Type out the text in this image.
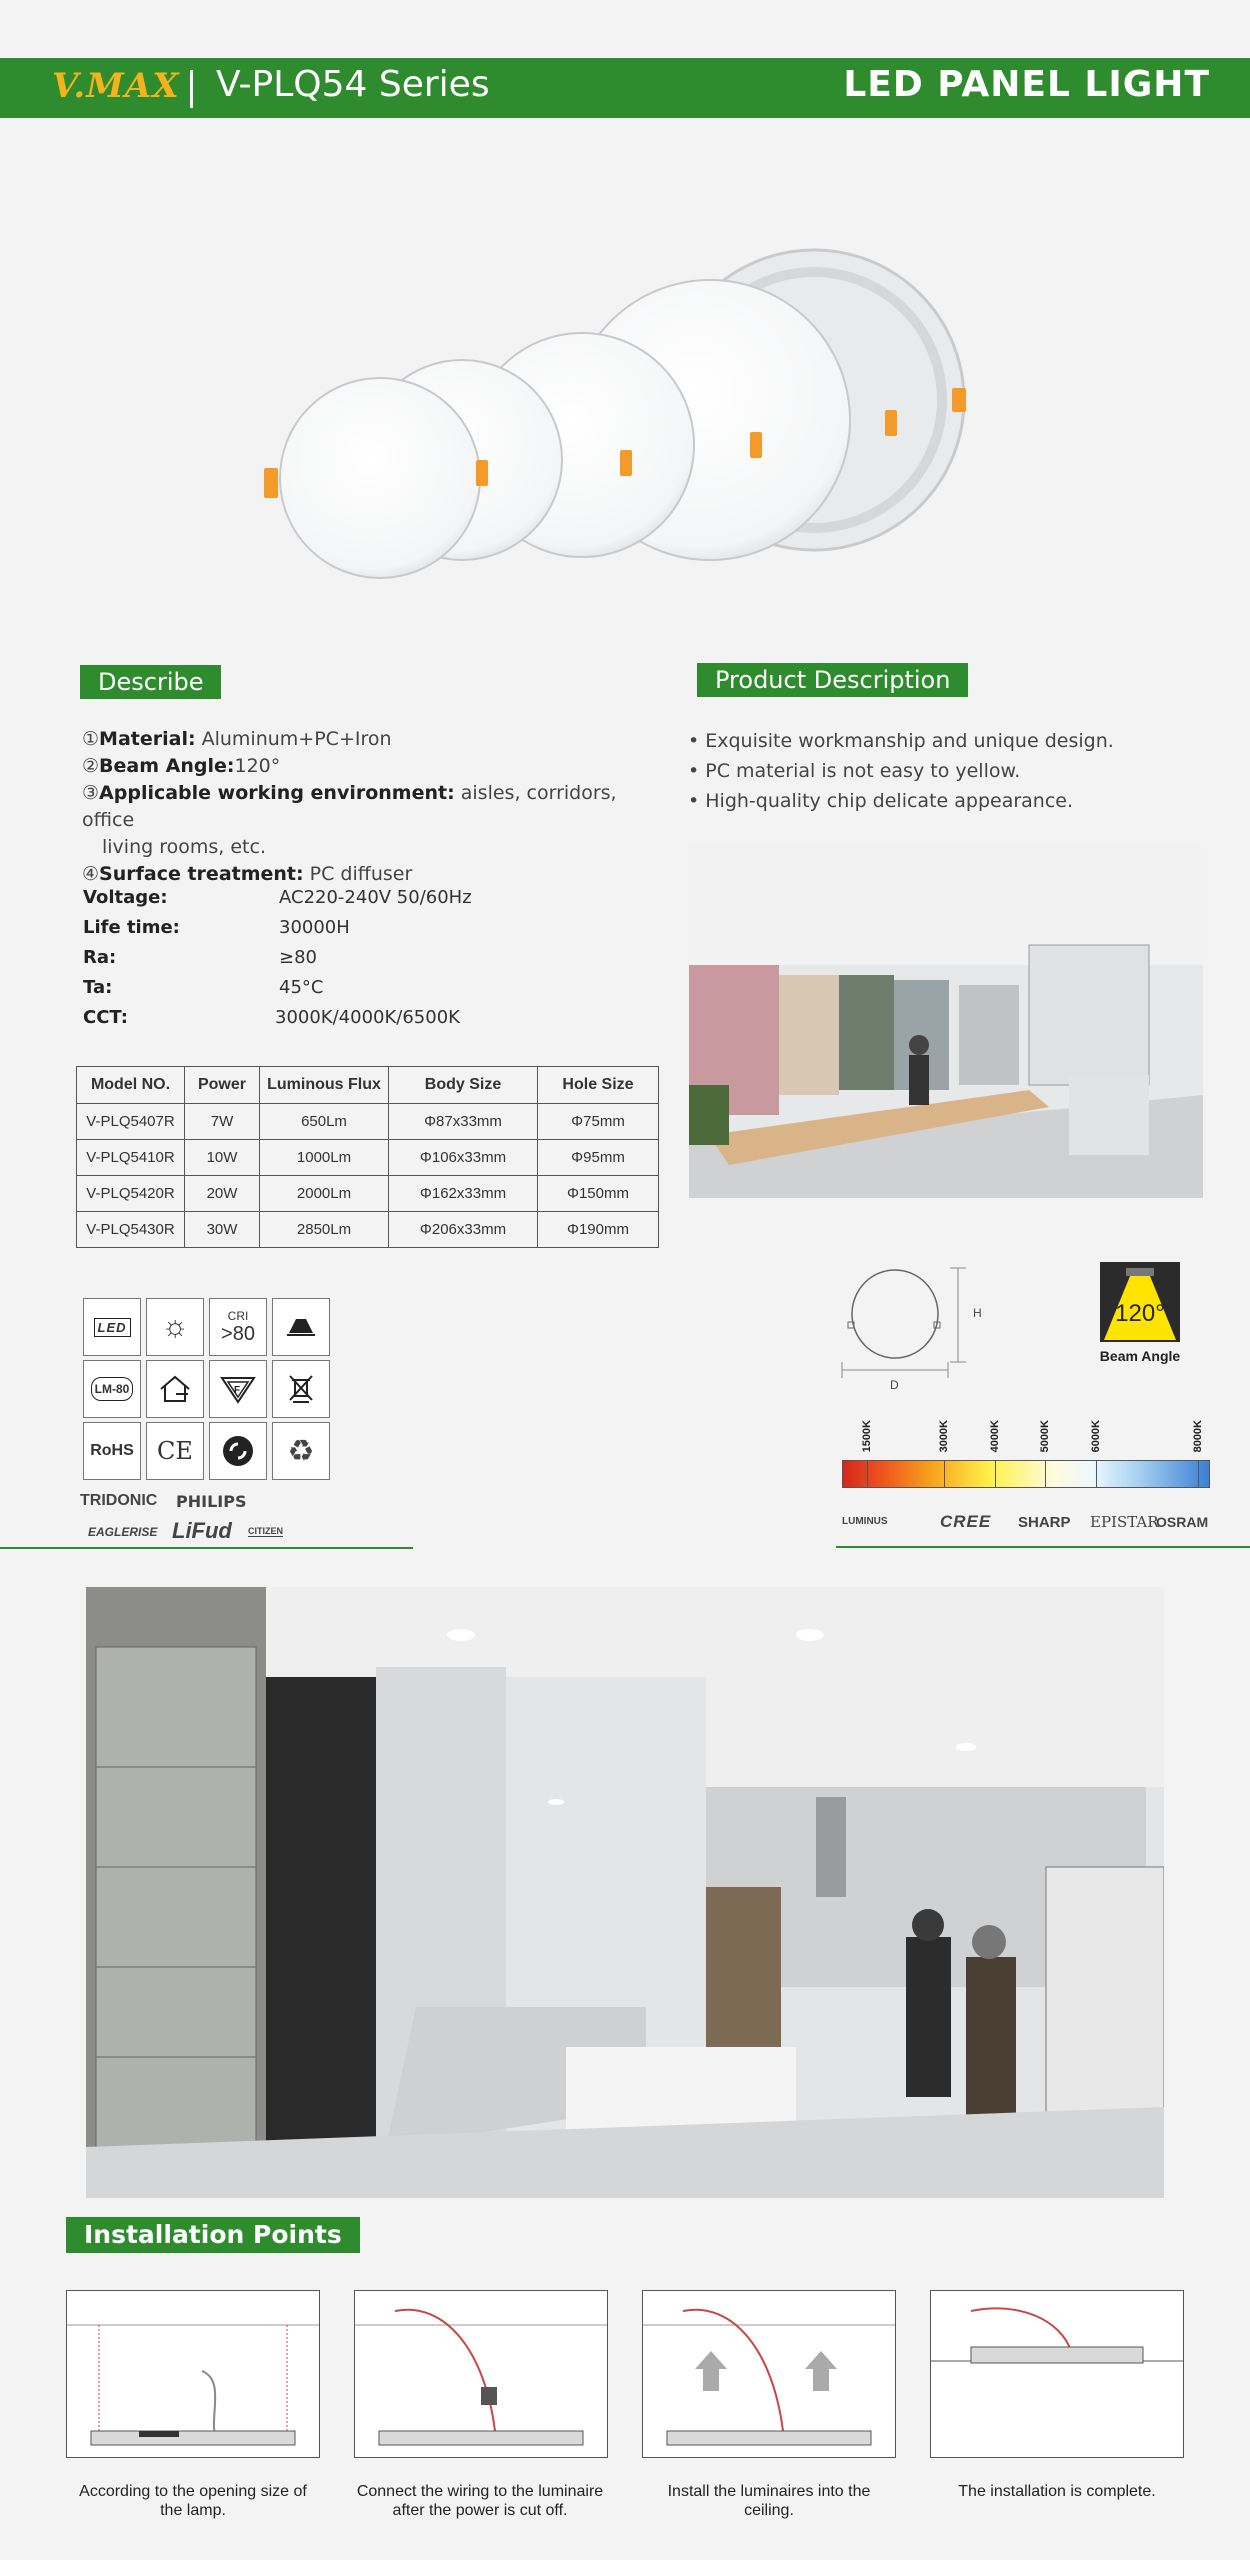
V.MAX V-PLQ54 Series	LED PANEL LIGHT
Describe
①Material: Aluminum+PC+Iron
②Beam Angle:120°
③Applicable working environment: aisles, corridors, office
living rooms, etc.
④Surface treatment: PC diffuser
Voltage:	AC220-240V 50/60Hz
Life time:	30000H
Ra:	≥80
Ta:	45°C
CCT:	3000K/4000K/6500K
Model NO.	Power	Luminous Flux	Body Size	Hole Size
V-PLQ5407R	7W	650Lm	Φ87x33mm	Φ75mm
V-PLQ5410R	10W	1000Lm	Φ106x33mm	Φ95mm
V-PLQ5420R	20W	2000Lm	Φ162x33mm	Φ150mm
V-PLQ5430R	30W	2850Lm	Φ206x33mm	Φ190mm
Product Description
• Exquisite workmanship and unique design.
• PC material is not easy to yellow.
• High-quality chip delicate appearance.
LED ☼	CRI
>80
LM-80	F
RoHS CE	♻
TRIDONIC PHILIPS
EAGLERISE LiFud CITIZEN
H
D
120°
Beam Angle
1500K	3000K	4000K	5000K	6000K	8000K
LUMINUS	CREE SHARP EPISTAR
OSRAM
Installation Points
According to the opening size of the lamp.
Connect the wiring to the luminaire after the power is cut off.
Install the luminaires into the ceiling.
The installation is complete.
